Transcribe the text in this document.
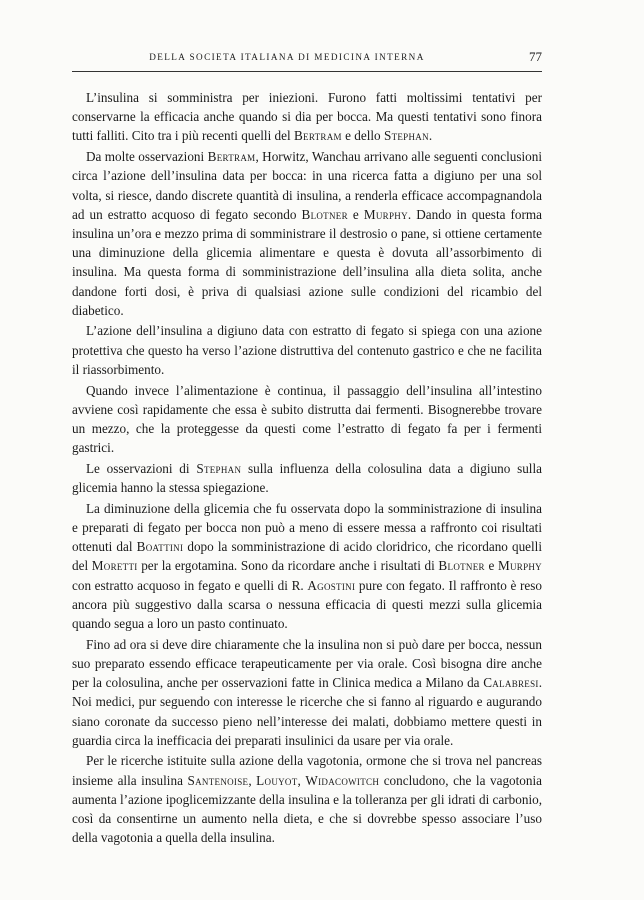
DELLA SOCIETA ITALIANA DI MEDICINA INTERNA	77

L’insulina si somministra per iniezioni. Furono fatti moltissimi tentativi per conservarne la efficacia anche quando si dia per bocca. Ma questi tentativi sono finora tutti falliti. Cito tra i più recenti quelli del Bertram e dello Stephan.

Da molte osservazioni Bertram, Horwitz, Wanchau arrivano alle seguenti conclusioni circa l’azione dell’insulina data per bocca: in una ricerca fatta a digiuno per una sol volta, si riesce, dando discrete quantità di insulina, a renderla efficace accompagnandola ad un estratto acquoso di fegato secondo Blotner e Murphy. Dando in questa forma insulina un’ora e mezzo prima di somministrare il destrosio o pane, si ottiene certamente una diminuzione della glicemia alimentare e questa è dovuta all’assorbimento di insulina. Ma questa forma di somministrazione dell’insulina alla dieta solita, anche dandone forti dosi, è priva di qualsiasi azione sulle condizioni del ricambio del diabetico.

L’azione dell’insulina a digiuno data con estratto di fegato si spiega con una azione protettiva che questo ha verso l’azione distruttiva del contenuto gastrico e che ne facilita il riassorbimento.

Quando invece l’alimentazione è continua, il passaggio dell’insulina all’intestino avviene così rapidamente che essa è subito distrutta dai fermenti. Bisognerebbe trovare un mezzo, che la proteggesse da questi come l’estratto di fegato fa per i fermenti gastrici.

Le osservazioni di Stephan sulla influenza della colosulina data a digiuno sulla glicemia hanno la stessa spiegazione.

La diminuzione della glicemia che fu osservata dopo la somministrazione di insulina e preparati di fegato per bocca non può a meno di essere messa a raffronto coi risultati ottenuti dal Boattini dopo la somministrazione di acido cloridrico, che ricordano quelli del Moretti per la ergotamina. Sono da ricordare anche i risultati di Blotner e Murphy con estratto acquoso in fegato e quelli di R. Agostini pure con fegato. Il raffronto è reso ancora più suggestivo dalla scarsa o nessuna efficacia di questi mezzi sulla glicemia quando segua a loro un pasto continuato.

Fino ad ora si deve dire chiaramente che la insulina non si può dare per bocca, nessun suo preparato essendo efficace terapeuticamente per via orale. Così bisogna dire anche per la colosulina, anche per osservazioni fatte in Clinica medica a Milano da Calabresi. Noi medici, pur seguendo con interesse le ricerche che si fanno al riguardo e augurando siano coronate da successo pieno nell’interesse dei malati, dobbiamo mettere questi in guardia circa la inefficacia dei preparati insulinici da usare per via orale.

Per le ricerche istituite sulla azione della vagotonia, ormone che si trova nel pancreas insieme alla insulina Santenoise, Louyot, Widacowitch concludono, che la vagotonia aumenta l’azione ipoglicemizzante della insulina e la tolleranza per gli idrati di carbonio, così da consentirne un aumento nella dieta, e che si dovrebbe spesso associare l’uso della vagotonia a quella della insulina.
